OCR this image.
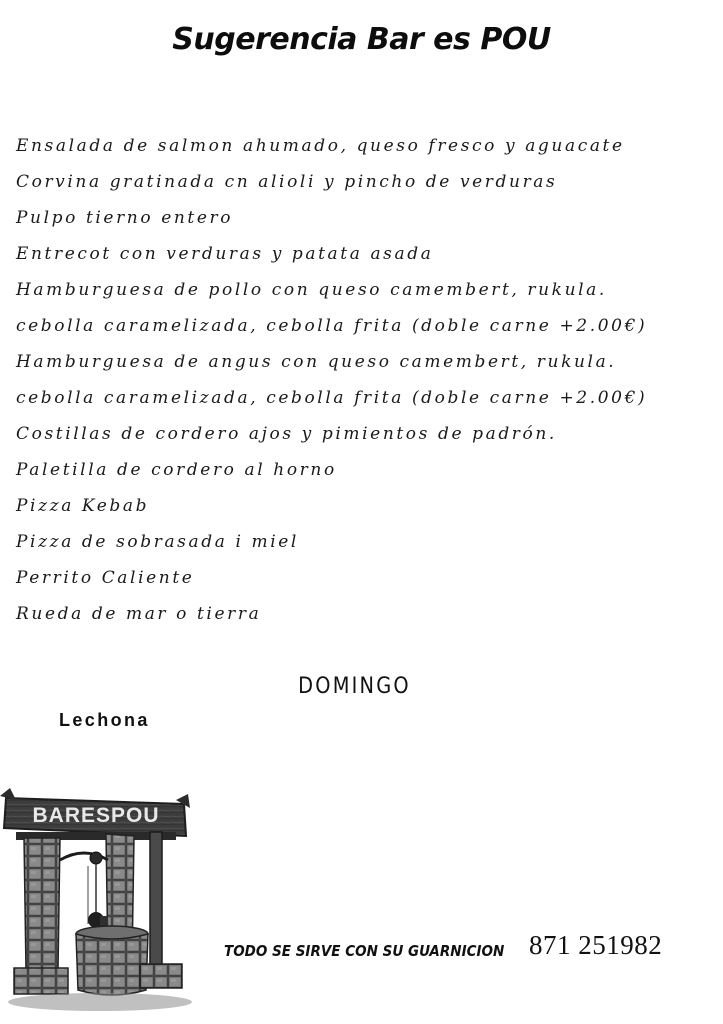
Sugerencia Bar es POU
Ensalada de salmon ahumado, queso fresco y aguacate
Corvina gratinada cn alioli y pincho de verduras
Pulpo tierno entero
Entrecot con verduras y patata asada
Hamburguesa de pollo con queso camembert, rukula.
cebolla caramelizada, cebolla frita (doble carne +2.00€)
Hamburguesa de angus con queso camembert, rukula.
cebolla caramelizada, cebolla frita (doble carne +2.00€)
Costillas de cordero ajos y pimientos de padrón.
Paletilla de cordero al horno
Pizza Kebab
Pizza de sobrasada i miel
Perrito Caliente
Rueda de mar o tierra
DOMINGO
Lechona
BARESPOU
TODO SE SIRVE CON SU GUARNICION 871 251982
